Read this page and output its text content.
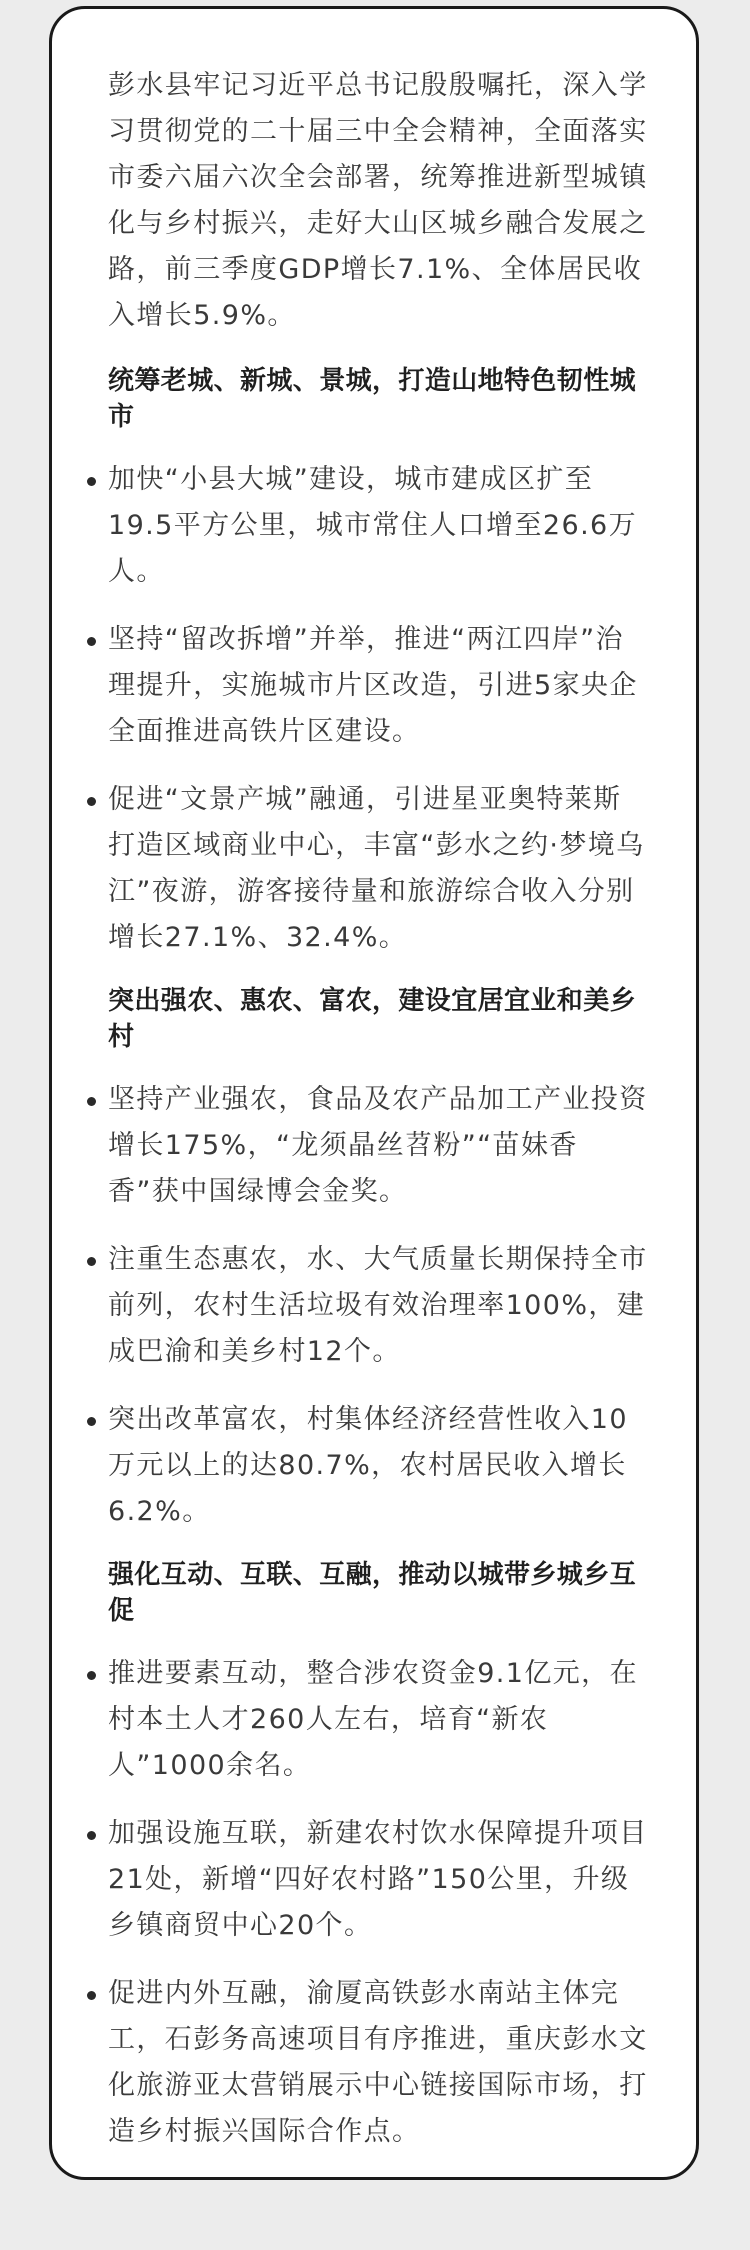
彭水县牢记习近平总书记殷殷嘱托，深入学习贯彻党的二十届三中全会精神，全面落实市委六届六次全会部署，统筹推进新型城镇化与乡村振兴，走好大山区城乡融合发展之路，前三季度GDP增长7.1%、全体居民收入增长5.9%。

统筹老城、新城、景城，打造山地特色韧性城市

加快“小县大城”建设，城市建成区扩至19.5平方公里，城市常住人口增至26.6万人。

坚持“留改拆增”并举，推进“两江四岸”治理提升，实施城市片区改造，引进5家央企全面推进高铁片区建设。

促进“文景产城”融通，引进星亚奥特莱斯打造区域商业中心，丰富“彭水之约·梦境乌江”夜游，游客接待量和旅游综合收入分别增长27.1%、32.4%。

突出强农、惠农、富农，建设宜居宜业和美乡村

坚持产业强农，食品及农产品加工产业投资增长175%，“龙须晶丝苕粉”“苗妹香香”获中国绿博会金奖。

注重生态惠农，水、大气质量长期保持全市前列，农村生活垃圾有效治理率100%，建成巴渝和美乡村12个。

突出改革富农，村集体经济经营性收入10万元以上的达80.7%，农村居民收入增长6.2%。

强化互动、互联、互融，推动以城带乡城乡互促

推进要素互动，整合涉农资金9.1亿元，在村本土人才260人左右，培育“新农人”1000余名。

加强设施互联，新建农村饮水保障提升项目21处，新增“四好农村路”150公里，升级乡镇商贸中心20个。

促进内外互融，渝厦高铁彭水南站主体完工，石彭务高速项目有序推进，重庆彭水文化旅游亚太营销展示中心链接国际市场，打造乡村振兴国际合作点。
